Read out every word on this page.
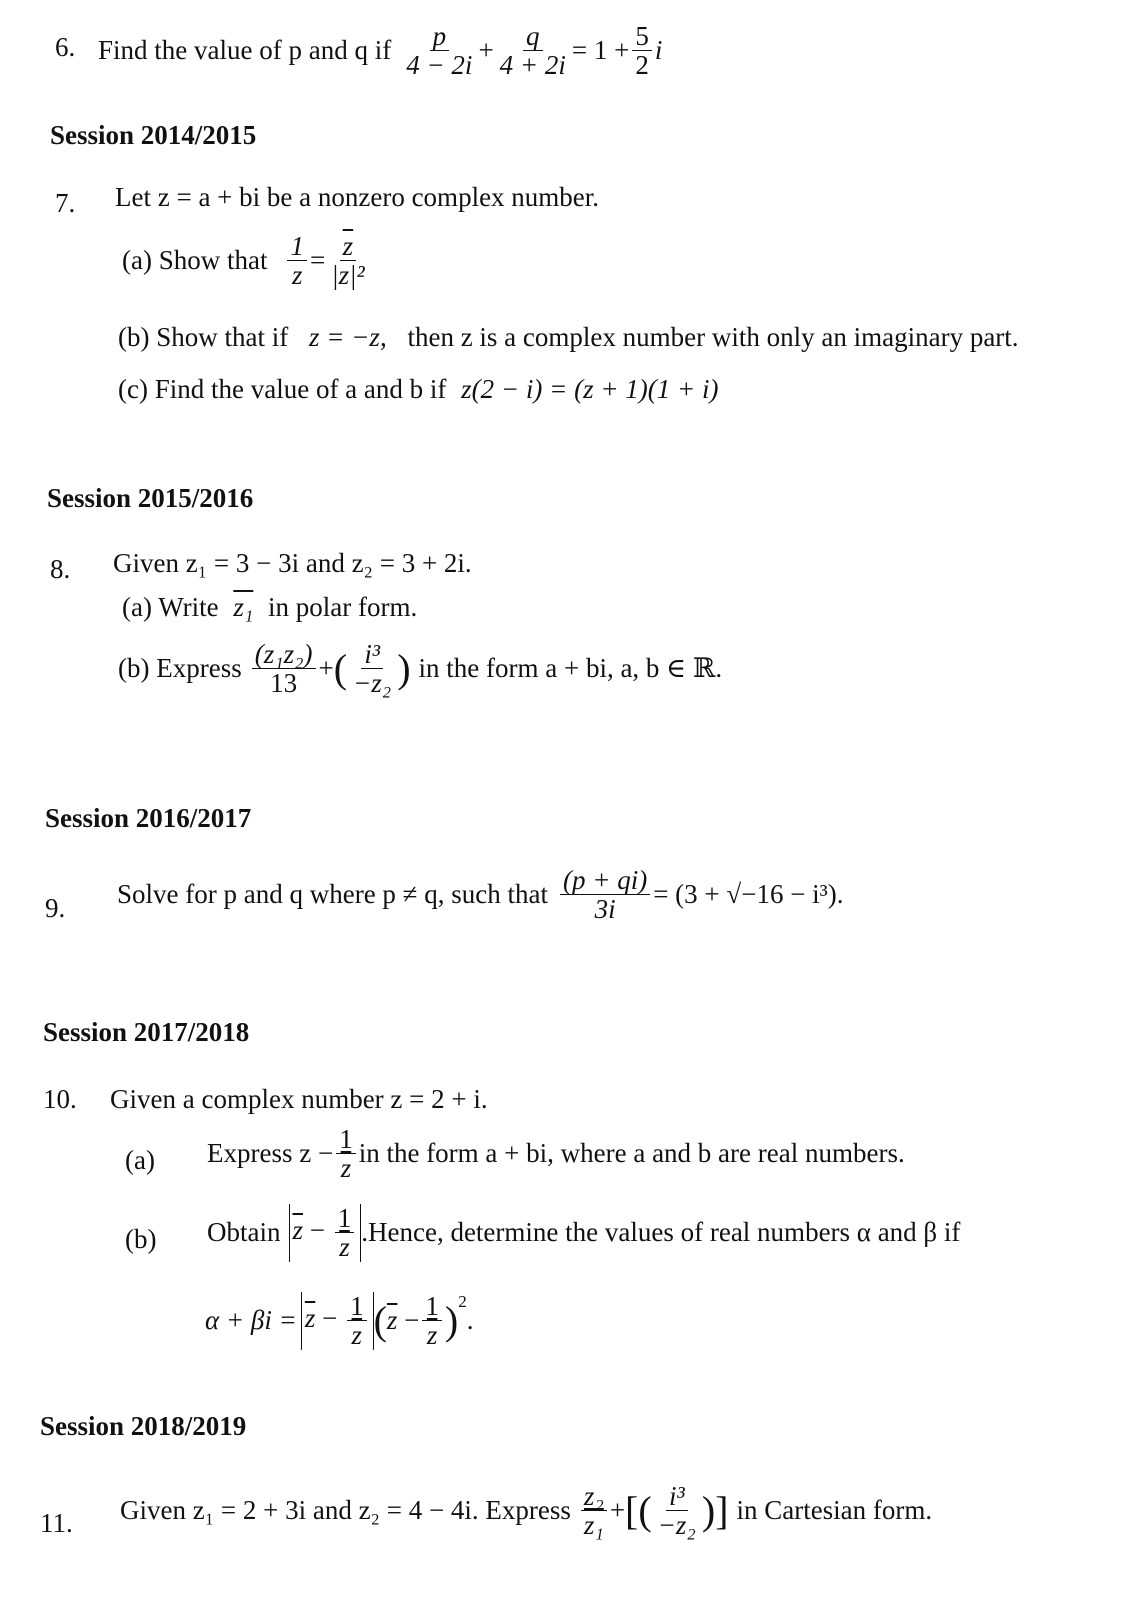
6. Find the value of p and q if $\frac{p}{4 - 2i} + \frac{q}{4 + 2i} = 1 + \frac{5}{2}$ i
Session 2014/2015
7. Let z = a + bi be a nonzero complex number.
(a) Show that $\frac{1}{z} = \frac{\overline{z}}{\text{|z|²}}$
(b) Show that if z = −z, then z is a complex number with only an imaginary part.
(c) Find the value of a and b if z(2 − i) = (z + 1)(1 + i)
Session 2015/2016
8. Given z₁ = 3 − 3i and z₂ = 3 + 2i.
(a) Write z₁ in polar form.
(b) Express $\frac{\text{(z₁z₂)}}{13}$ + ( $\frac{\text{i³}}{\text{−z₂}}$ ) in the form a + bi, a, b ∈ ℝ.
Session 2016/2017
9. Solve for p and q where p ≠ q, such that $\frac{(p + qi)}{3i} = (3 + √-16 - i^3)$.
Session 2017/2018
10. Given a complex number z = 2 + i.
(a) Express $z - \frac{1}{z}$ in the form a + bi, where a and b are real numbers.
(b) Obtain $\overline{z} - \frac{1}{z}$ .Hence, determine the values of real numbers α and β if
$\alpha + \beta i = \overline{z} - \frac{1}{z}$ ( $\overline{z} - \frac{1}{z} )^2$
.
Session 2018/2019
11. Given z₁ = 2 + 3i and z₂ = 4 − 4i. Express $\frac{\text{z₂}}{\text{z₁}}$ + [( $\frac{\text{i³}}{\text{−z₂}}$ )] in Cartesian form.
